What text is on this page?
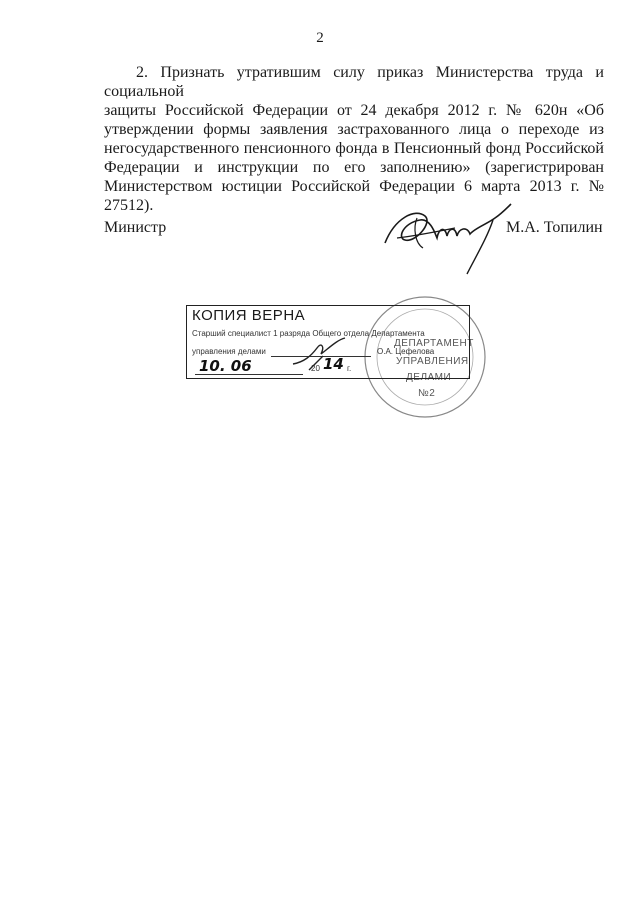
2
2. Признать утратившим силу приказ Министерства труда и социальной
защиты Российской Федерации от 24 декабря 2012 г. № 620н «Об
утверждении формы заявления застрахованного лица о переходе из
негосударственного пенсионного фонда в Пенсионный фонд Российской
Федерации и инструкции по его заполнению» (зарегистрирован
Министерством юстиции Российской Федерации 6 марта 2013 г. № 27512).
Министр	М.А. Топилин
ДЕПАРТАМЕНТ
УПРАВЛЕНИЯ
ДЕЛАМИ
№2
КОПИЯ ВЕРНА
Старший специалист 1 разряда Общего отдела Департамента
управления делами	О.А. Цефелова
10. 06	20 14 г.
